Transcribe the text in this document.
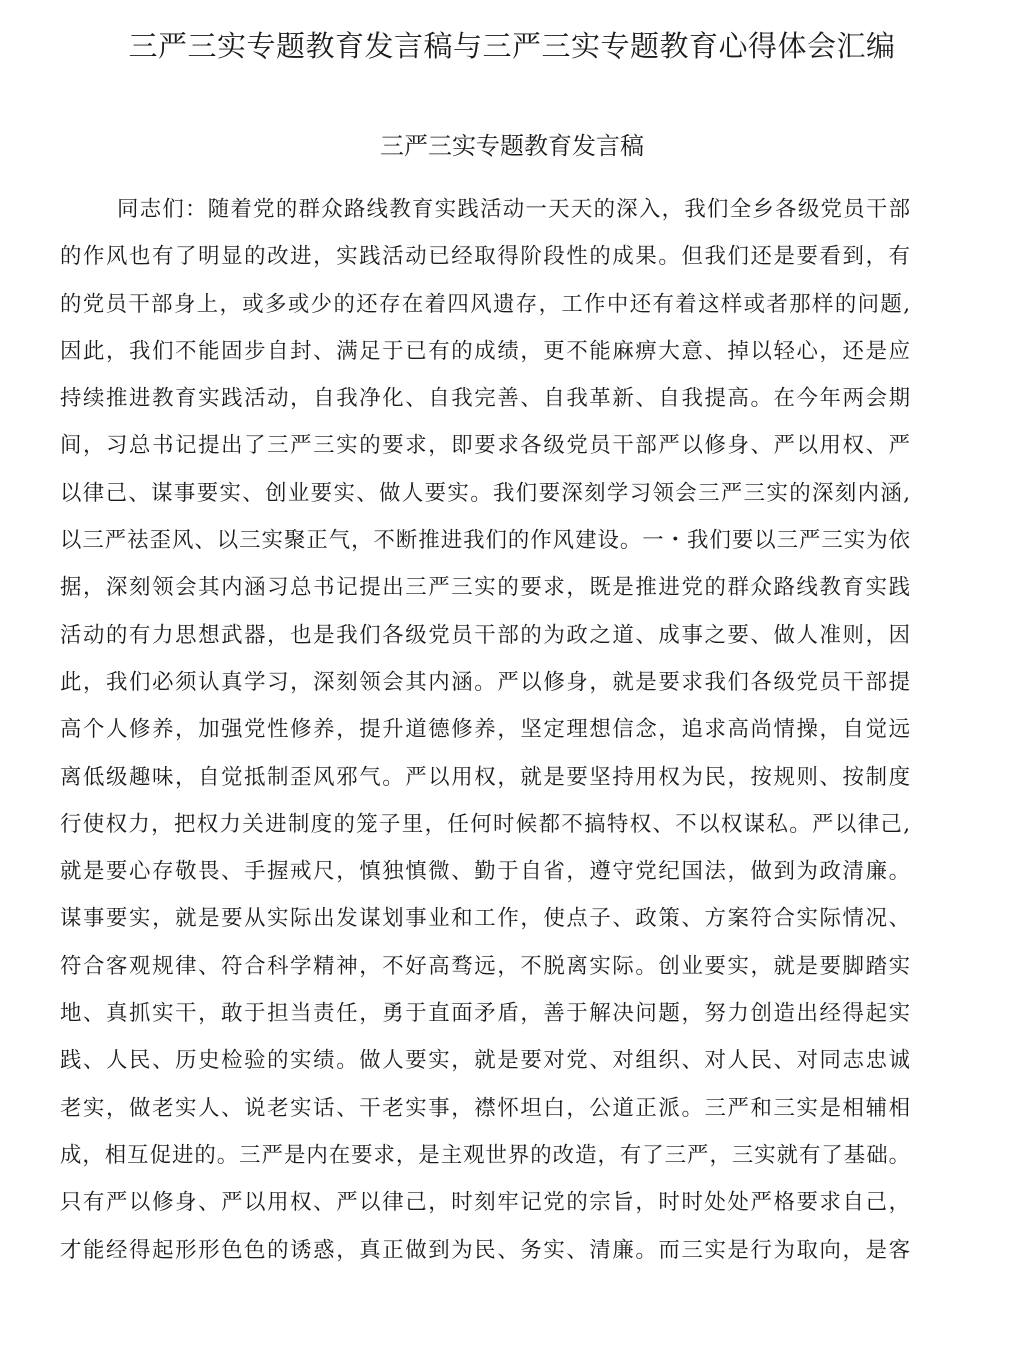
三严三实专题教育发言稿与三严三实专题教育心得体会汇编
三严三实专题教育发言稿
同志们：随着党的群众路线教育实践活动一天天的深入，我们全乡各级党员干部
的作风也有了明显的改进，实践活动已经取得阶段性的成果。但我们还是要看到，有
的党员干部身上，或多或少的还存在着四风遗存，工作中还有着这样或者那样的问题,
因此，我们不能固步自封、满足于已有的成绩，更不能麻痹大意、掉以轻心，还是应
持续推进教育实践活动，自我净化、自我完善、自我革新、自我提高。在今年两会期
间，习总书记提出了三严三实的要求，即要求各级党员干部严以修身、严以用权、严
以律己、谋事要实、创业要实、做人要实。我们要深刻学习领会三严三实的深刻内涵,
以三严祛歪风、以三实聚正气，不断推进我们的作风建设。一・我们要以三严三实为依
据，深刻领会其内涵习总书记提出三严三实的要求，既是推进党的群众路线教育实践
活动的有力思想武器，也是我们各级党员干部的为政之道、成事之要、做人准则，因
此，我们必须认真学习，深刻领会其内涵。严以修身，就是要求我们各级党员干部提
高个人修养，加强党性修养，提升道德修养，坚定理想信念，追求高尚情操，自觉远
离低级趣味，自觉抵制歪风邪气。严以用权，就是要坚持用权为民，按规则、按制度
行使权力，把权力关进制度的笼子里，任何时候都不搞特权、不以权谋私。严以律己,
就是要心存敬畏、手握戒尺，慎独慎微、勤于自省，遵守党纪国法，做到为政清廉。
谋事要实，就是要从实际出发谋划事业和工作，使点子、政策、方案符合实际情况、
符合客观规律、符合科学精神，不好高骛远，不脱离实际。创业要实，就是要脚踏实
地、真抓实干，敢于担当责任，勇于直面矛盾，善于解决问题，努力创造出经得起实
践、人民、历史检验的实绩。做人要实，就是要对党、对组织、对人民、对同志忠诚
老实，做老实人、说老实话、干老实事，襟怀坦白，公道正派。三严和三实是相辅相
成，相互促进的。三严是内在要求，是主观世界的改造，有了三严，三实就有了基础。
只有严以修身、严以用权、严以律己，时刻牢记党的宗旨，时时处处严格要求自己，
才能经得起形形色色的诱惑，真正做到为民、务实、清廉。而三实是行为取向，是客
